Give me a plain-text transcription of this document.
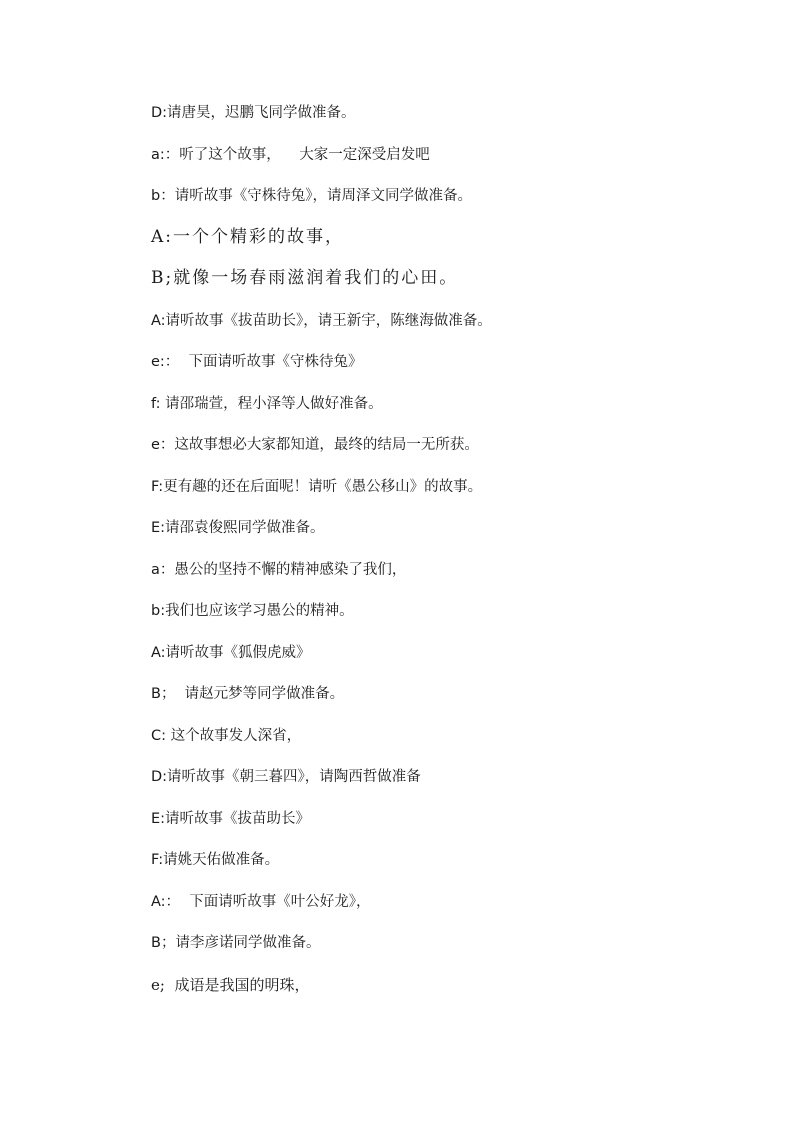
D:请唐昊，迟鹏飞同学做准备。
a:：听了这个故事，    大家一定深受启发吧
b：请听故事《守株待兔》，请周泽文同学做准备。
A:一个个精彩的故事，
B;就像一场春雨滋润着我们的心田。
A:请听故事《拔苗助长》，请王新宇，陈继海做准备。
e:：  下面请听故事《守株待兔》
f: 请邵瑞萱，程小泽等人做好准备。
e：这故事想必大家都知道，最终的结局一无所获。
F:更有趣的还在后面呢！请听《愚公移山》的故事。
E:请邵袁俊熙同学做准备。
a：愚公的坚持不懈的精神感染了我们，
b:我们也应该学习愚公的精神。
A:请听故事《狐假虎威》
B；  请赵元梦等同学做准备。
C: 这个故事发人深省，
D:请听故事《朝三暮四》，请陶西哲做准备
E:请听故事《拔苗助长》
F:请姚天佑做准备。
A:：  下面请听故事《叶公好龙》，
B；请李彦诺同学做准备。
e;  成语是我国的明珠，
